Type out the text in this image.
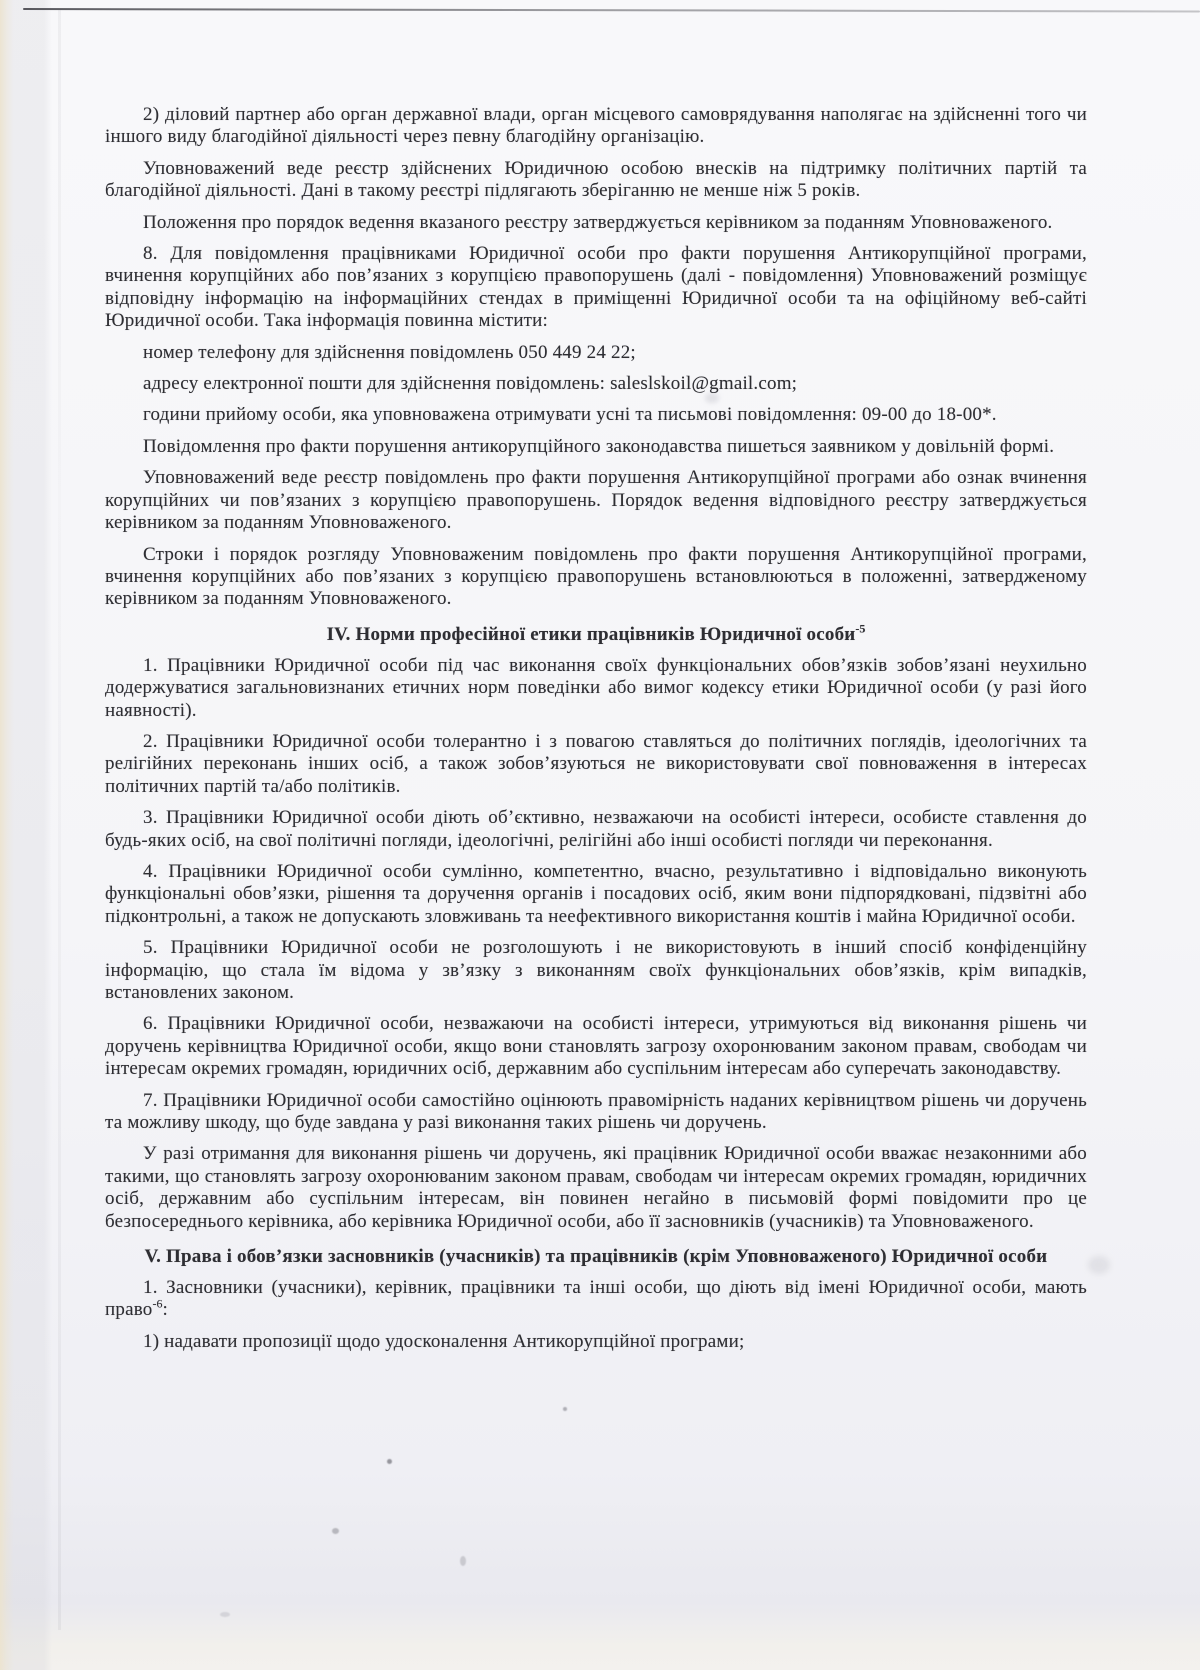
2) діловий партнер або орган державної влади, орган місцевого самоврядування наполягає на здійсненні того чи іншого виду благодійної діяльності через певну благодійну організацію.

Уповноважений веде реєстр здійснених Юридичною особою внесків на підтримку політичних партій та благодійної діяльності. Дані в такому реєстрі підлягають зберіганню не менше ніж 5 років.

Положення про порядок ведення вказаного реєстру затверджується керівником за поданням Уповноваженого.

8. Для повідомлення працівниками Юридичної особи про факти порушення Антикорупційної програми, вчинення корупційних або пов’язаних з корупцією правопорушень (далі - повідомлення) Уповноважений розміщує відповідну інформацію на інформаційних стендах в приміщенні Юридичної особи та на офіційному веб-сайті Юридичної особи. Така інформація повинна містити:

номер телефону для здійснення повідомлень 050 449 24 22;

адресу електронної пошти для здійснення повідомлень: saleslskoil@gmail.com;

години прийому особи, яка уповноважена отримувати усні та письмові повідомлення: 09-00 до 18-00*.

Повідомлення про факти порушення антикорупційного законодавства пишеться заявником у довільній формі.

Уповноважений веде реєстр повідомлень про факти порушення Антикорупційної програми або ознак вчинення корупційних чи пов’язаних з корупцією правопорушень. Порядок ведення відповідного реєстру затверджується керівником за поданням Уповноваженого.

Строки і порядок розгляду Уповноваженим повідомлень про факти порушення Антикорупційної програми, вчинення корупційних або пов’язаних з корупцією правопорушень встановлюються в положенні, затвердженому керівником за поданням Уповноваженого.

IV. Норми професійної етики працівників Юридичної особи$^{-5}$

1. Працівники Юридичної особи під час виконання своїх функціональних обов’язків зобов’язані неухильно додержуватися загальновизнаних етичних норм поведінки або вимог кодексу етики Юридичної особи (у разі його наявності).

2. Працівники Юридичної особи толерантно і з повагою ставляться до політичних поглядів, ідеологічних та релігійних переконань інших осіб, а також зобов’язуються не використовувати свої повноваження в інтересах політичних партій та/або політиків.

3. Працівники Юридичної особи діють об’єктивно, незважаючи на особисті інтереси, особисте ставлення до будь-яких осіб, на свої політичні погляди, ідеологічні, релігійні або інші особисті погляди чи переконання.

4. Працівники Юридичної особи сумлінно, компетентно, вчасно, результативно і відповідально виконують функціональні обов’язки, рішення та доручення органів і посадових осіб, яким вони підпорядковані, підзвітні або підконтрольні, а також не допускають зловживань та неефективного використання коштів і майна Юридичної особи.

5. Працівники Юридичної особи не розголошують і не використовують в інший спосіб конфіденційну інформацію, що стала їм відома у зв’язку з виконанням своїх функціональних обов’язків, крім випадків, встановлених законом.

6. Працівники Юридичної особи, незважаючи на особисті інтереси, утримуються від виконання рішень чи доручень керівництва Юридичної особи, якщо вони становлять загрозу охоронюваним законом правам, свободам чи інтересам окремих громадян, юридичних осіб, державним або суспільним інтересам або суперечать законодавству.

7. Працівники Юридичної особи самостійно оцінюють правомірність наданих керівництвом рішень чи доручень та можливу шкоду, що буде завдана у разі виконання таких рішень чи доручень.

У разі отримання для виконання рішень чи доручень, які працівник Юридичної особи вважає незаконними або такими, що становлять загрозу охоронюваним законом правам, свободам чи інтересам окремих громадян, юридичних осіб, державним або суспільним інтересам, він повинен негайно в письмовій формі повідомити про це безпосереднього керівника, або керівника Юридичної особи, або її засновників (учасників) та Уповноваженого.

V. Права і обов’язки засновників (учасників) та працівників (крім Уповноваженого) Юридичної особи

1. Засновники (учасники), керівник, працівники та інші особи, що діють від імені Юридичної особи, мають право$^{-6}$:

1) надавати пропозиції щодо удосконалення Антикорупційної програми;
